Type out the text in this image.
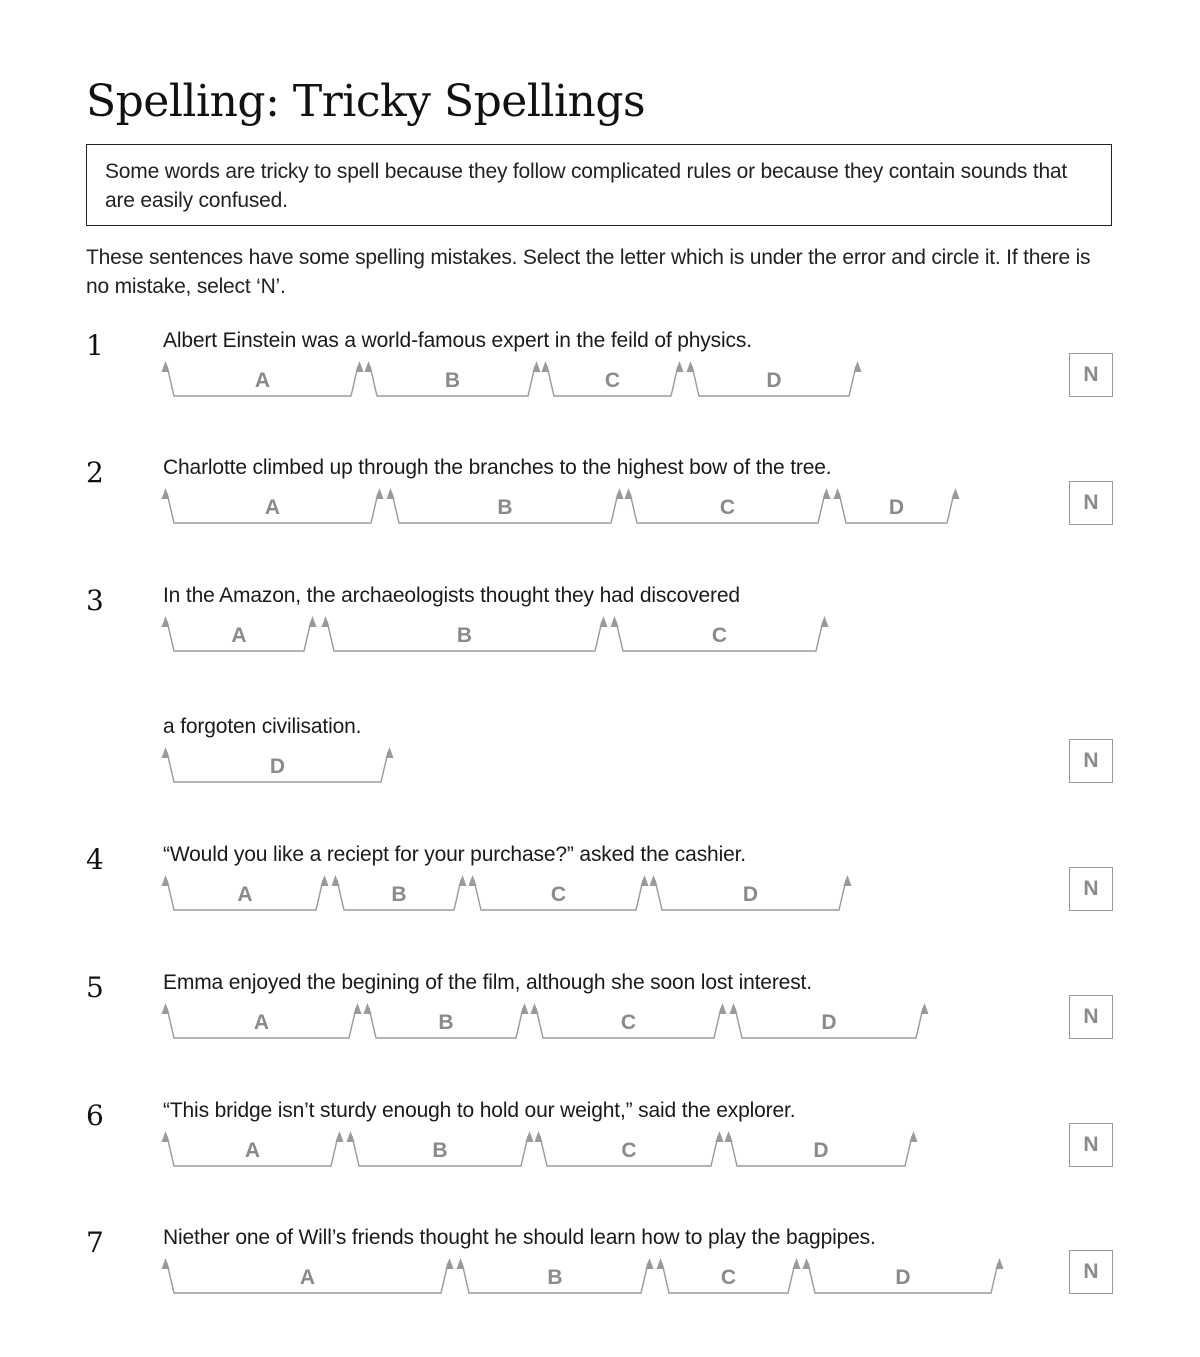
Spelling: Tricky Spellings
Some words are tricky to spell because they follow complicated rules or because they contain sounds that are easily confused.
These sentences have some spelling mistakes. Select the letter which is under the error and circle it. If there is no mistake, select ‘N’.
1	Albert Einstein was a world-famous expert in the feild of physics.
A	B	C	D	N
2	Charlotte climbed up through the branches to the highest bow of the tree.
A	B	C	D	N
3	In the Amazon, the archaeologists thought they had discovered
A	B	C
a forgoten civilisation.
D	N
4	“Would you like a reciept for your purchase?” asked the cashier.
A	B	C	D	N
5	Emma enjoyed the begining of the film, although she soon lost interest.
A	B	C	D	N
6	“This bridge isn’t sturdy enough to hold our weight,” said the explorer.
A	B	C	D	N
7	Niether one of Will’s friends thought he should learn how to play the bagpipes.
A	B	C	D	N
